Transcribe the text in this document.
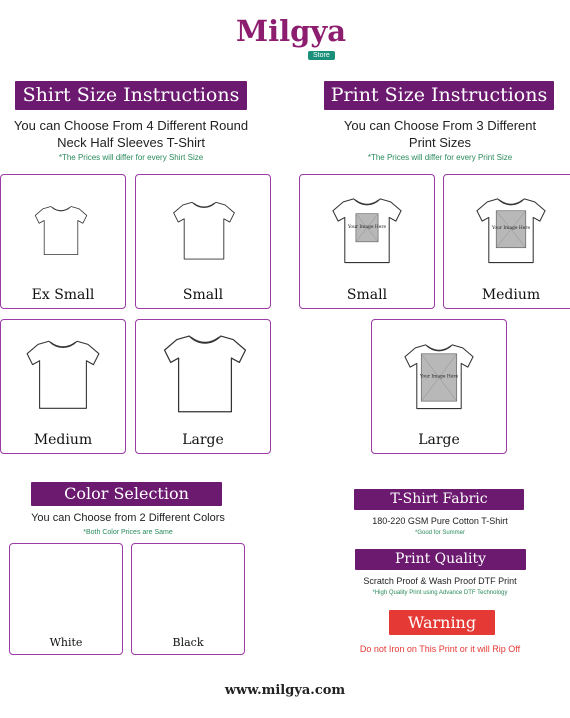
Milgya
Store
Shirt Size Instructions
You can Choose From 4 Different Round
Neck Half Sleeves T-Shirt
*The Prices will differ for every Shirt Size
Print Size Instructions
You can Choose From 3 Different
Print Sizes
*The Prices will differ for every Print Size
Ex Small	Small
Medium	Large
Small	Medium
Large
Your Image Here	Your Image Here
Your Image Here
Color Selection
You can Choose from 2 Different Colors
*Both Color Prices are Same
White	Black
T-Shirt Fabric
180-220 GSM Pure Cotton T-Shirt
*Good for Summer
Print Quality
Scratch Proof & Wash Proof DTF Print
*High Quality Print using Advance DTF Technology
Warning
Do not Iron on This Print or it will Rip Off
www.milgya.com
